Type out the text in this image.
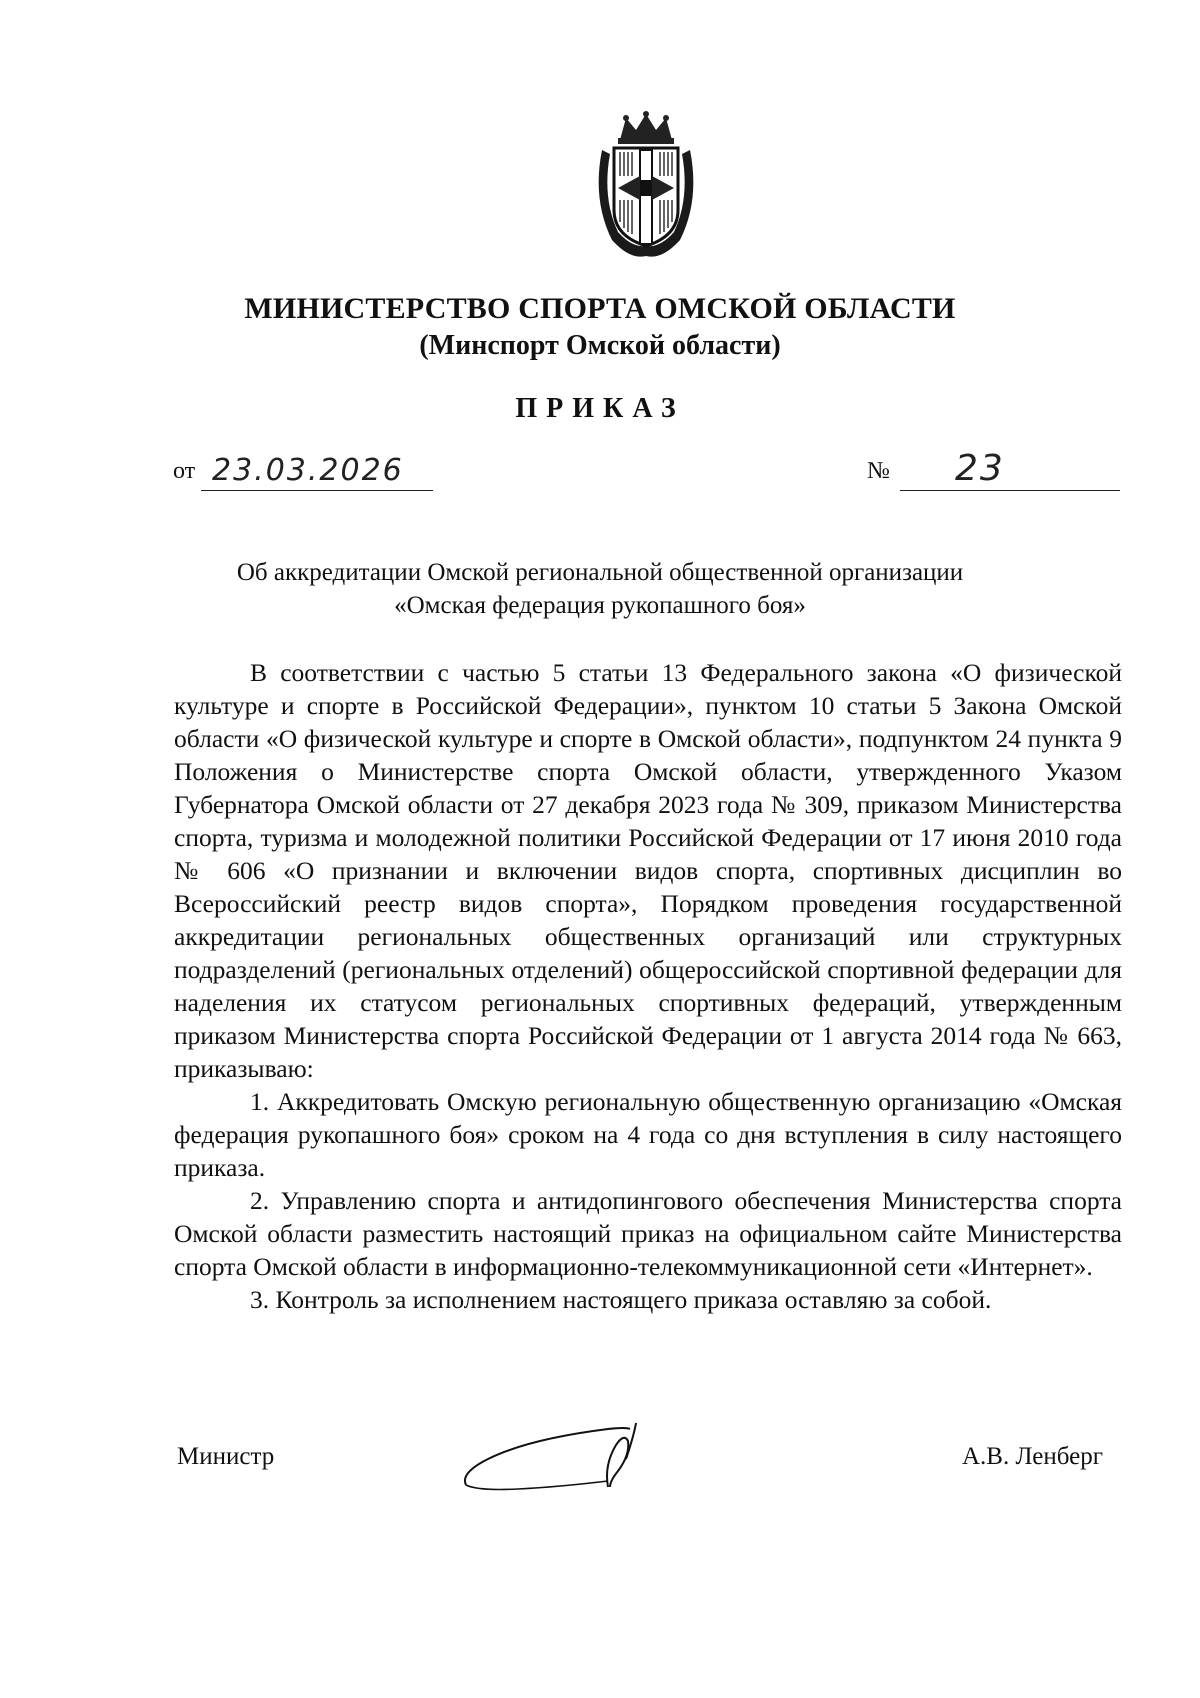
МИНИСТЕРСТВО СПОРТА ОМСКОЙ ОБЛАСТИ
(Минспорт Омской области)
ПРИКАЗ
от 23.03.2026	№ 23
Об аккредитации Омской региональной общественной организации
«Омская федерация рукопашного боя»

В соответствии с частью 5 статьи 13 Федерального закона «О физической культуре и спорте в Российской Федерации», пунктом 10 статьи 5 Закона Омской области «О физической культуре и спорте в Омской области», подпунктом 24 пункта 9 Положения о Министерстве спорта Омской области, утвержденного Указом Губернатора Омской области от 27 декабря 2023 года № 309, приказом Министерства спорта, туризма и молодежной политики Российской Федерации от 17 июня 2010 года № 606 «О признании и включении видов спорта, спортивных дисциплин во Всероссийский реестр видов спорта», Порядком проведения государственной аккредитации региональных общественных организаций или структурных подразделений (региональных отделений) общероссийской спортивной федерации для наделения их статусом региональных спортивных федераций, утвержденным приказом Министерства спорта Российской Федерации от 1 августа 2014 года № 663, приказываю:

1. Аккредитовать Омскую региональную общественную организацию «Омская федерация рукопашного боя» сроком на 4 года со дня вступления в силу настоящего приказа.

2. Управлению спорта и антидопингового обеспечения Министерства спорта Омской области разместить настоящий приказ на официальном сайте Министерства спорта Омской области в информационно-телекоммуникационной сети «Интернет».

3. Контроль за исполнением настоящего приказа оставляю за собой.

Министр	А.В. Ленберг
